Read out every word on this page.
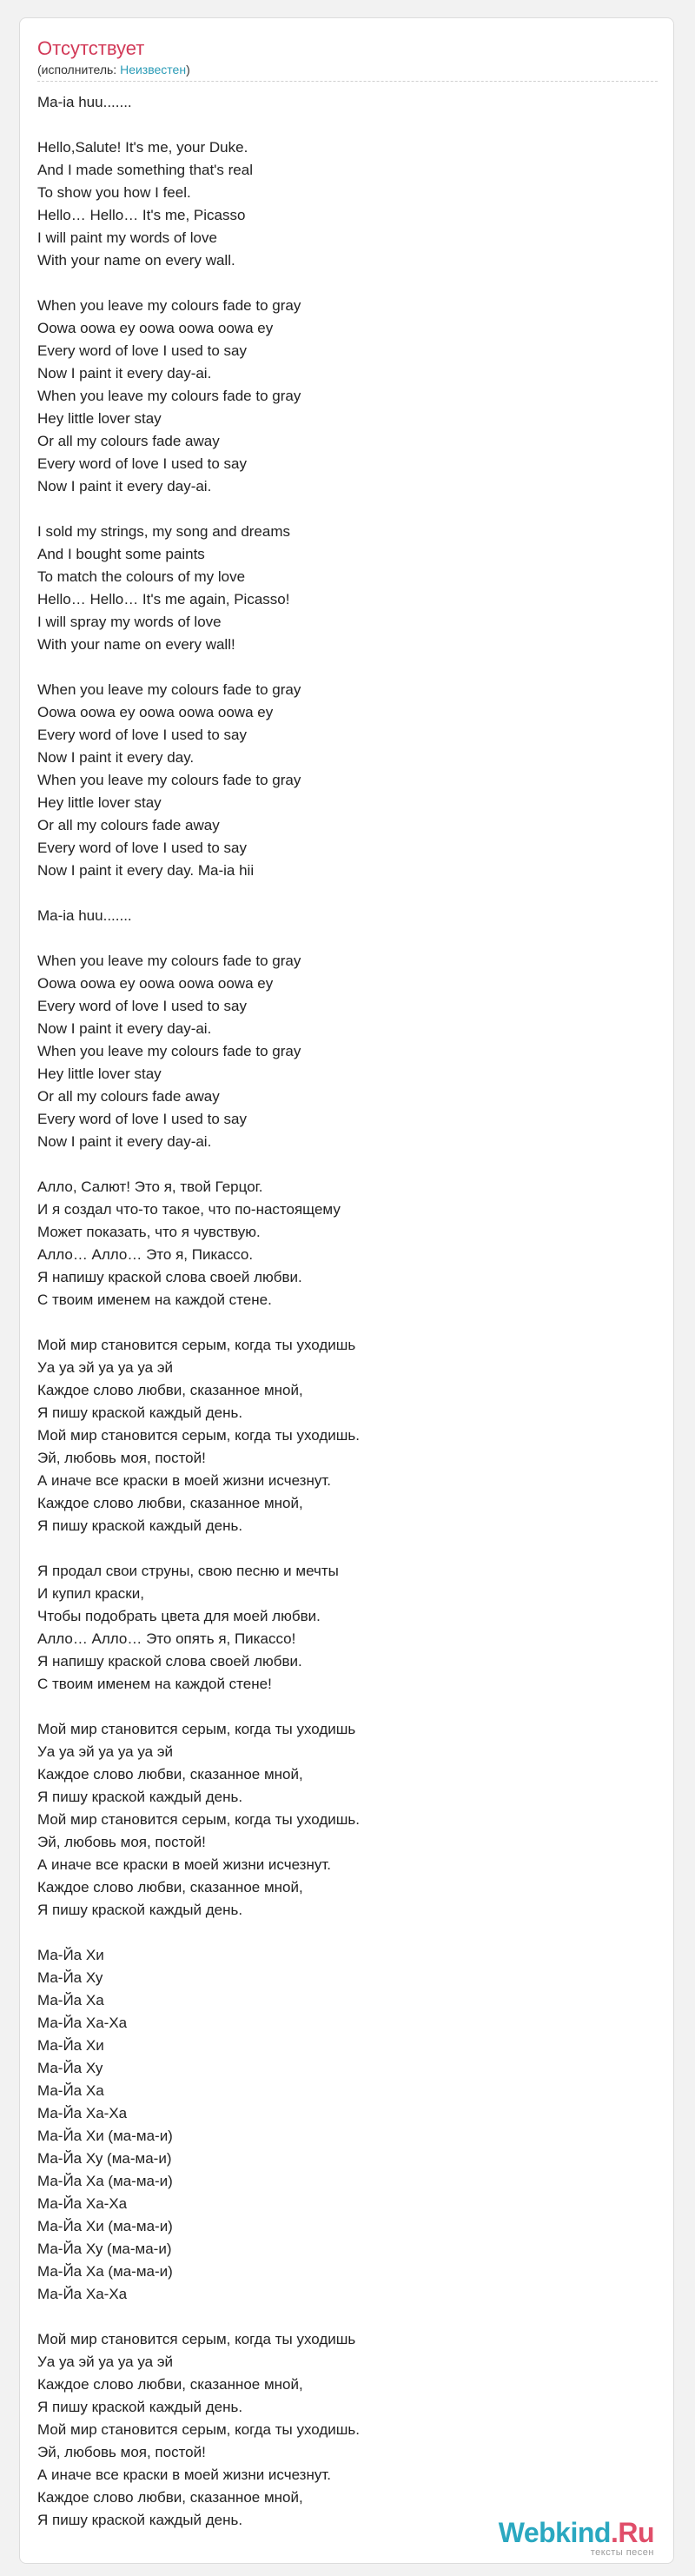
Отсутствует
(исполнитель: Неизвестен)
Ma-ia huu.......

Hello,Salute! It's me, your Duke.
And I made something that's real
To show you how I feel.
Hello… Hello… It's me, Picasso
I will paint my words of love
With your name on every wall.

When you leave my colours fade to gray
Oowa oowa ey oowa oowa oowa ey
Every word of love I used to say
Now I paint it every day-ai.
When you leave my colours fade to gray
Hey little lover stay
Or all my colours fade away
Every word of love I used to say
Now I paint it every day-ai.

I sold my strings, my song and dreams
And I bought some paints
To match the colours of my love
Hello… Hello… It's me again, Picasso!
I will spray my words of love
With your name on every wall!

When you leave my colours fade to gray
Oowa oowa ey oowa oowa oowa ey
Every word of love I used to say
Now I paint it every day.
When you leave my colours fade to gray
Hey little lover stay
Or all my colours fade away
Every word of love I used to say
Now I paint it every day. Ma-ia hii

Ma-ia huu.......

When you leave my colours fade to gray
Oowa oowa ey oowa oowa oowa ey
Every word of love I used to say
Now I paint it every day-ai.
When you leave my colours fade to gray
Hey little lover stay
Or all my colours fade away
Every word of love I used to say
Now I paint it every day-ai.

Алло, Салют! Это я, твой Герцог.
И я создал что-то такое, что по-настоящему
Может показать, что я чувствую.
Алло… Алло… Это я, Пикассо.
Я напишу краской слова своей любви.
С твоим именем на каждой стене.

Мой мир становится серым, когда ты уходишь
Уа уа эй уа уа уа эй
Каждое слово любви, сказанное мной,
Я пишу краской каждый день.
Мой мир становится серым, когда ты уходишь.
Эй, любовь моя, постой!
А иначе все краски в моей жизни исчезнут.
Каждое слово любви, сказанное мной,
Я пишу краской каждый день.

Я продал свои струны, свою песню и мечты
И купил краски,
Чтобы подобрать цвета для моей любви.
Алло… Алло… Это опять я, Пикассо!
Я напишу краской слова своей любви.
С твоим именем на каждой стене!

Мой мир становится серым, когда ты уходишь
Уа уа эй уа уа уа эй
Каждое слово любви, сказанное мной,
Я пишу краской каждый день.
Мой мир становится серым, когда ты уходишь.
Эй, любовь моя, постой!
А иначе все краски в моей жизни исчезнут.
Каждое слово любви, сказанное мной,
Я пишу краской каждый день.

Ма-Йа Хи
Ма-Йа Ху
Ма-Йа Ха
Ма-Йа Ха-Ха
Ма-Йа Хи
Ма-Йа Ху
Ма-Йа Ха
Ма-Йа Ха-Ха
Ма-Йа Хи (ма-ма-и)
Ма-Йа Ху (ма-ма-и)
Ма-Йа Ха (ма-ма-и)
Ма-Йа Ха-Ха
Ма-Йа Хи (ма-ма-и)
Ма-Йа Ху (ма-ма-и)
Ма-Йа Ха (ма-ма-и)
Ма-Йа Ха-Ха

Мой мир становится серым, когда ты уходишь
Уа уа эй уа уа уа эй
Каждое слово любви, сказанное мной,
Я пишу краской каждый день.
Мой мир становится серым, когда ты уходишь.
Эй, любовь моя, постой!
А иначе все краски в моей жизни исчезнут.
Каждое слово любви, сказанное мной,
Я пишу краской каждый день.	Webkind.Ru
тексты песен
